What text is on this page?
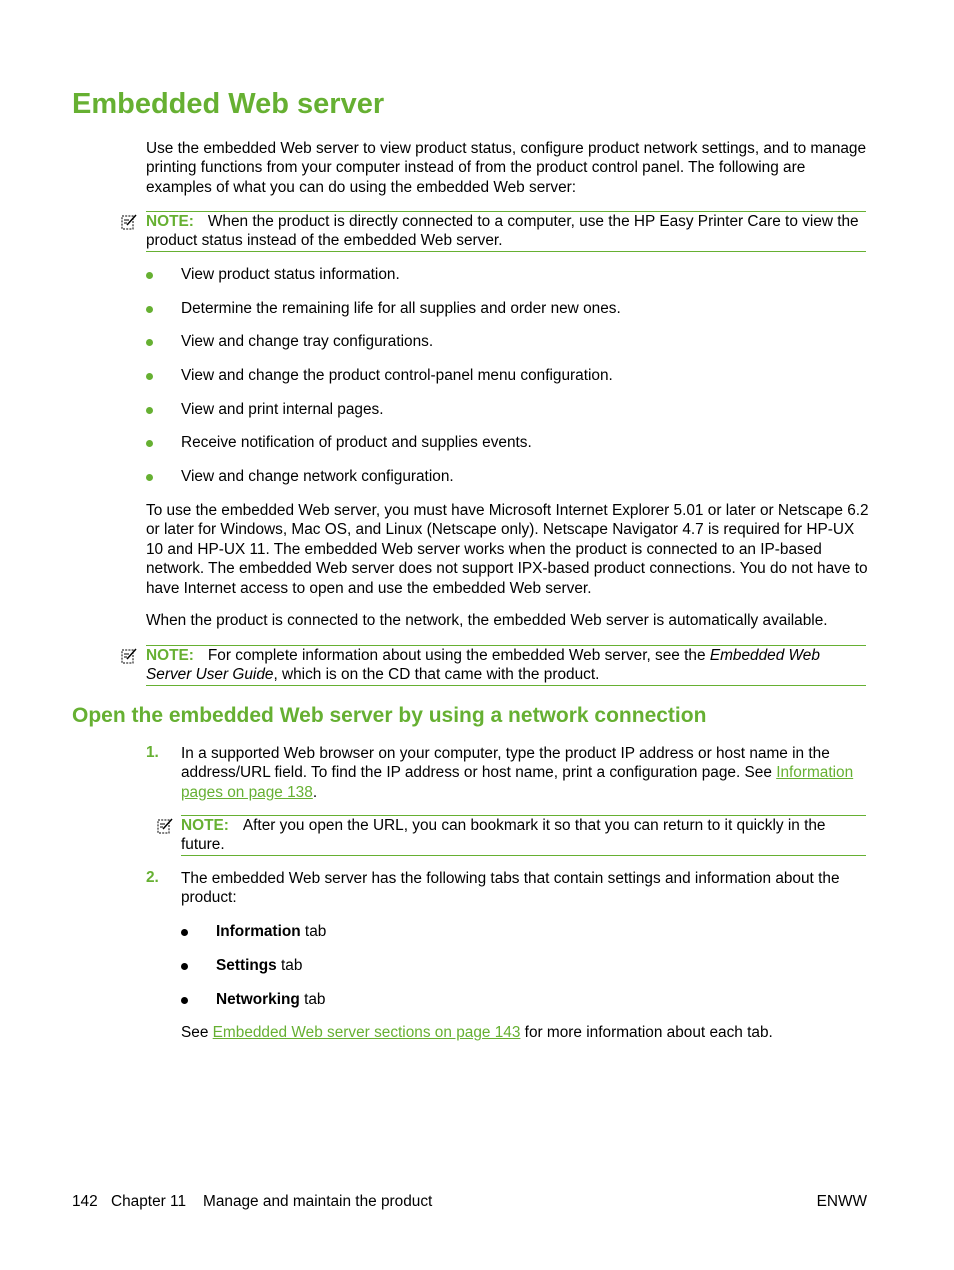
Embedded Web server

Use the embedded Web server to view product status, configure product network settings, and to manage printing functions from your computer instead of from the product control panel. The following are examples of what you can do using the embedded Web server:

NOTE: When the product is directly connected to a computer, use the HP Easy Printer Care to view the product status instead of the embedded Web server.
View product status information.
Determine the remaining life for all supplies and order new ones.
View and change tray configurations.
View and change the product control-panel menu configuration.
View and print internal pages.
Receive notification of product and supplies events.
View and change network configuration.

To use the embedded Web server, you must have Microsoft Internet Explorer 5.01 or later or Netscape 6.2 or later for Windows, Mac OS, and Linux (Netscape only). Netscape Navigator 4.7 is required for HP-UX 10 and HP-UX 11. The embedded Web server works when the product is connected to an IP-based network. The embedded Web server does not support IPX-based product connections. You do not have to have Internet access to open and use the embedded Web server.

When the product is connected to the network, the embedded Web server is automatically available.

NOTE: For complete information about using the embedded Web server, see the Embedded Web Server User Guide, which is on the CD that came with the product.
Open the embedded Web server by using a network connection
1. In a supported Web browser on your computer, type the product IP address or host name in the address/URL field. To find the IP address or host name, print a configuration page. See Information pages on page 138.

NOTE: After you open the URL, you can bookmark it so that you can return to it quickly in the future.
2. The embedded Web server has the following tabs that contain settings and information about the product:

Information tab
Settings tab
Networking tab

See Embedded Web server sections on page 143 for more information about each tab.

142 Chapter 11 Manage and maintain the product	ENWW
